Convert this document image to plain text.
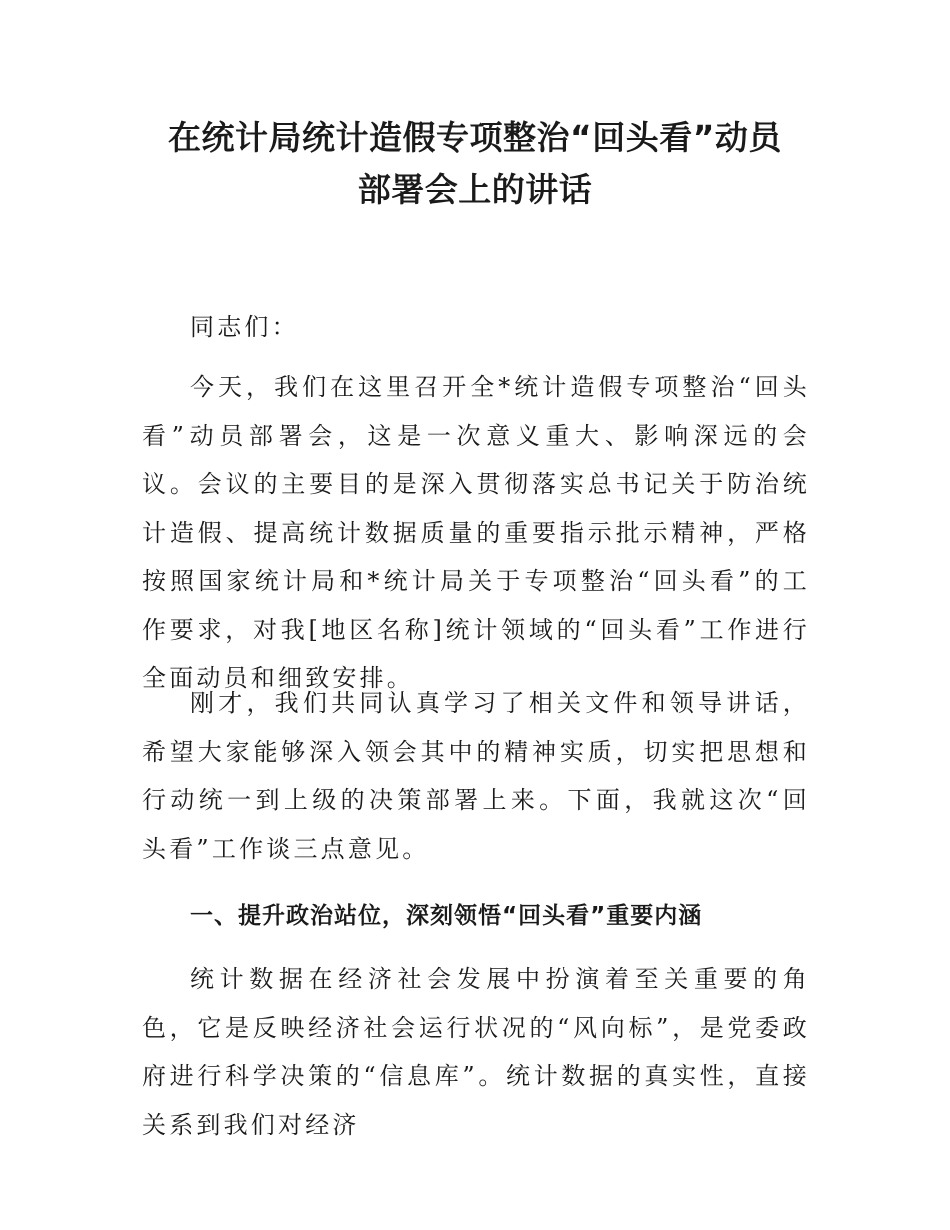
在统计局统计造假专项整治“回头看”动员
部署会上的讲话

同志们：

今天，我们在这里召开全*统计造假专项整治“回头看”动员部署会，这是一次意义重大、影响深远的会议。会议的主要目的是深入贯彻落实总书记关于防治统计造假、提高统计数据质量的重要指示批示精神，严格按照国家统计局和*统计局关于专项整治“回头看”的工作要求，对我[地区名称]统计领域的“回头看”工作进行全面动员和细致安排。

刚才，我们共同认真学习了相关文件和领导讲话，希望大家能够深入领会其中的精神实质，切实把思想和行动统一到上级的决策部署上来。下面，我就这次“回头看”工作谈三点意见。

一、提升政治站位，深刻领悟“回头看”重要内涵

统计数据在经济社会发展中扮演着至关重要的角色，它是反映经济社会运行状况的“风向标”，是党委政府进行科学决策的“信息库”。统计数据的真实性，直接关系到我们对经济
